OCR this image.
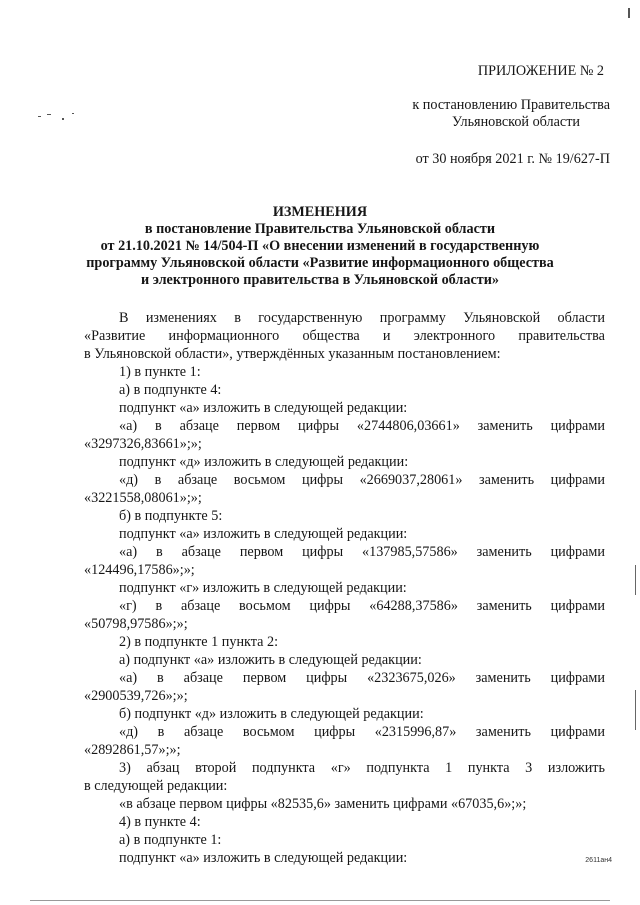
ПРИЛОЖЕНИЕ № 2
к постановлению Правительства
Ульяновской области
от 30 ноября 2021 г. № 19/627-П
ИЗМЕНЕНИЯ
в постановление Правительства Ульяновской области
от 21.10.2021 № 14/504-П «О внесении изменений в государственную
программу Ульяновской области «Развитие информационного общества
и электронного правительства в Ульяновской области»
В изменениях в государственную программу Ульяновской области
«Развитие информационного общества и электронного правительства
в Ульяновской области», утверждённых указанным постановлением:
1) в пункте 1:
а) в подпункте 4:
подпункт «а» изложить в следующей редакции:
«а) в абзаце первом цифры «2744806,03661» заменить цифрами
«3297326,83661»;»;
подпункт «д» изложить в следующей редакции:
«д) в абзаце восьмом цифры «2669037,28061» заменить цифрами
«3221558,08061»;»;
б) в подпункте 5:
подпункт «а» изложить в следующей редакции:
«а) в абзаце первом цифры «137985,57586» заменить цифрами
«124496,17586»;»;
подпункт «г» изложить в следующей редакции:
«г) в абзаце восьмом цифры «64288,37586» заменить цифрами
«50798,97586»;»;
2) в подпункте 1 пункта 2:
а) подпункт «а» изложить в следующей редакции:
«а) в абзаце первом цифры «2323675,026» заменить цифрами
«2900539,726»;»;
б) подпункт «д» изложить в следующей редакции:
«д) в абзаце восьмом цифры «2315996,87» заменить цифрами
«2892861,57»;»;
3) абзац второй подпункта «г» подпункта 1 пункта 3 изложить
в следующей редакции:
«в абзаце первом цифры «82535,6» заменить цифрами «67035,6»;»;
4) в пункте 4:
а) в подпункте 1:
подпункт «а» изложить в следующей редакции:	2611ан4
